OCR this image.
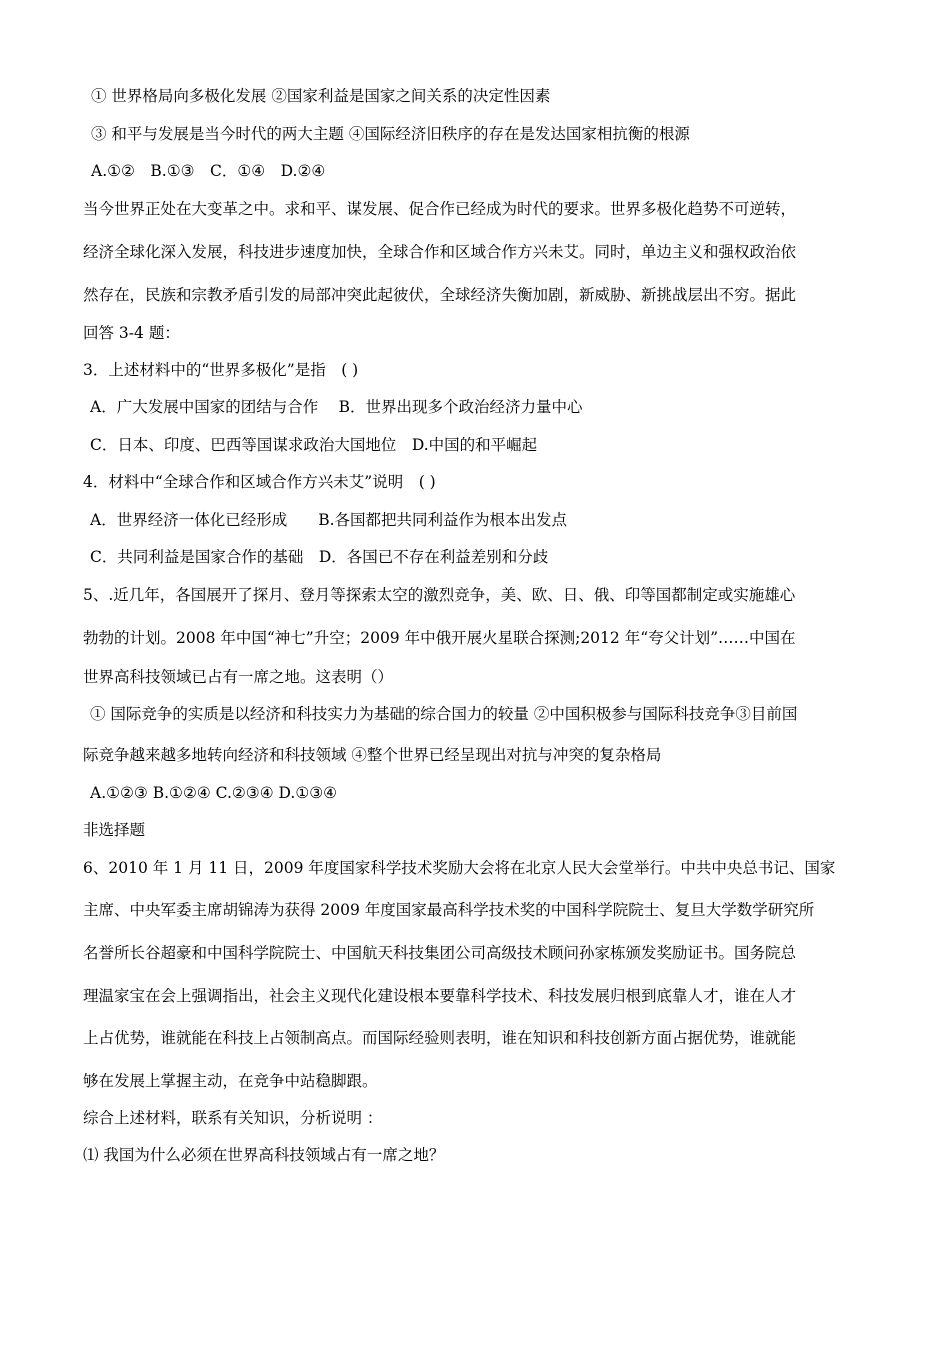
① 世界格局向多极化发展 ②国家利益是国家之间关系的决定性因素
③ 和平与发展是当今时代的两大主题 ④国际经济旧秩序的存在是发达国家相抗衡的根源
A.①②　B.①③　C．①④　D.②④
当今世界正处在大变革之中。求和平、谋发展、促合作已经成为时代的要求。世界多极化趋势不可逆转，
经济全球化深入发展，科技进步速度加快，全球合作和区域合作方兴未艾。同时，单边主义和强权政治依
然存在，民族和宗教矛盾引发的局部冲突此起彼伏，全球经济失衡加剧，新威胁、新挑战层出不穷。据此
回答 3-4 题：
3．上述材料中的“世界多极化”是指　( )
A．广大发展中国家的团结与合作　 B．世界出现多个政治经济力量中心
C．日本、印度、巴西等国谋求政治大国地位　D.中国的和平崛起
4．材料中“全球合作和区域合作方兴未艾”说明　( )
A．世界经济一体化已经形成　　B.各国都把共同利益作为根本出发点
C．共同利益是国家合作的基础　D．各国已不存在利益差别和分歧
5、.近几年，各国展开了探月、登月等探索太空的激烈竞争，美、欧、日、俄、印等国都制定或实施雄心
勃勃的计划。2008 年中国“神七”升空；2009 年中俄开展火星联合探测;2012 年“夸父计划”……中国在
世界高科技领域已占有一席之地。这表明（）
① 国际竞争的实质是以经济和科技实力为基础的综合国力的较量 ②中国积极参与国际科技竞争③目前国
际竞争越来越多地转向经济和科技领域 ④整个世界已经呈现出对抗与冲突的复杂格局
A.①②③ B.①②④ C.②③④ D.①③④
非选择题
6、2010 年 1 月 11 日，2009 年度国家科学技术奖励大会将在北京人民大会堂举行。中共中央总书记、国家
主席、中央军委主席胡锦涛为获得 2009 年度国家最高科学技术奖的中国科学院院士、复旦大学数学研究所
名誉所长谷超豪和中国科学院院士、中国航天科技集团公司高级技术顾问孙家栋颁发奖励证书。国务院总
理温家宝在会上强调指出，社会主义现代化建设根本要靠科学技术、科技发展归根到底靠人才，谁在人才
上占优势，谁就能在科技上占领制高点。而国际经验则表明，谁在知识和科技创新方面占据优势，谁就能
够在发展上掌握主动，在竞争中站稳脚跟。
综合上述材料，联系有关知识，分析说明 ：
⑴ 我国为什么必须在世界高科技领域占有一席之地？
